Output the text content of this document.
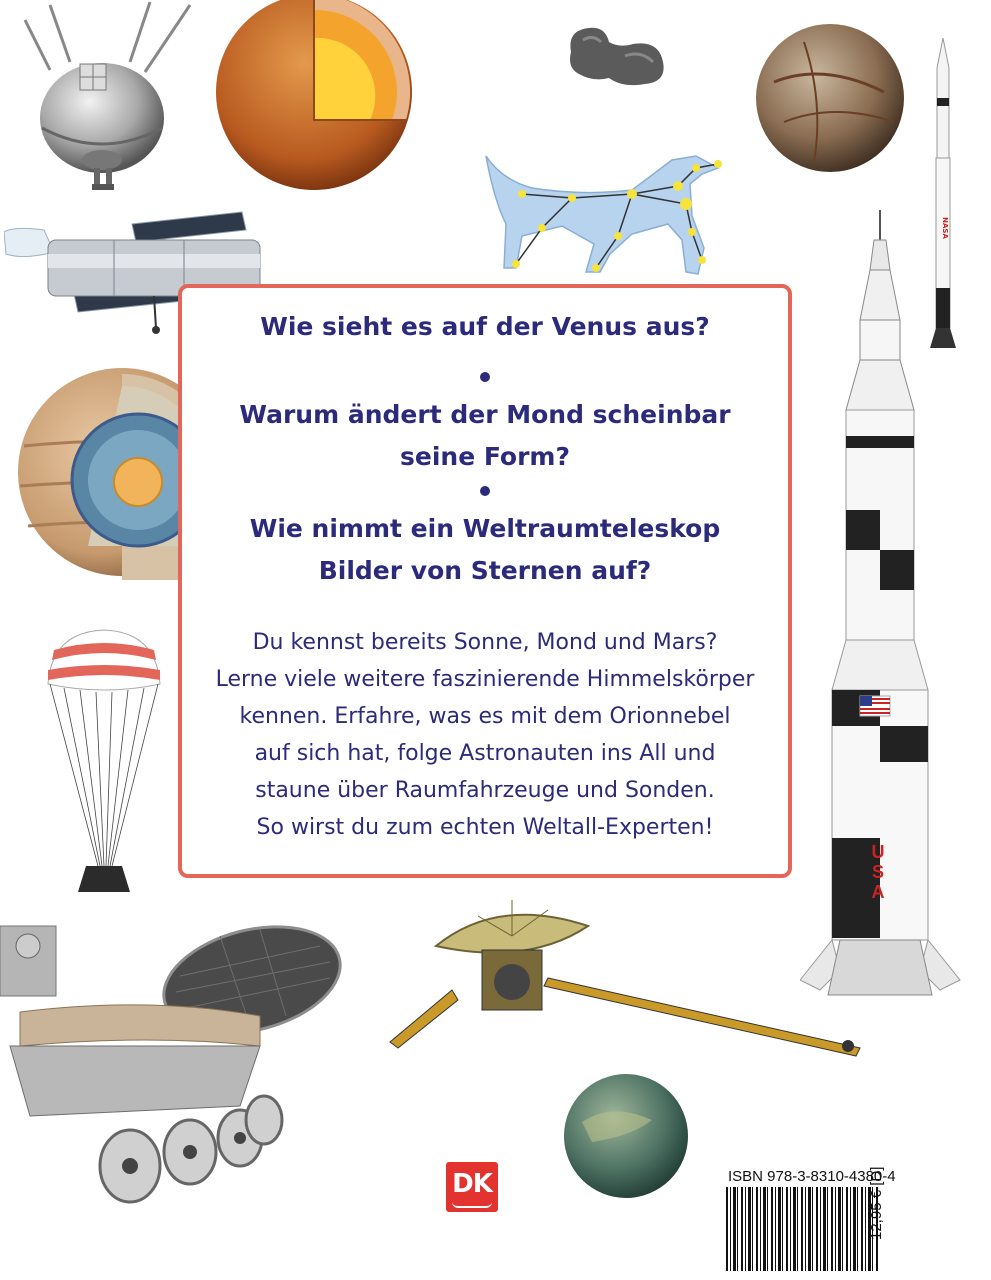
NASA
U
S
A
Wie sieht es auf der Venus aus?
Warum ändert der Mond scheinbar
seine Form?
Wie nimmt ein Weltraumteleskop
Bilder von Sternen auf?
Du kennst bereits Sonne, Mond und Mars?
Lerne viele weitere faszinierende Himmelskörper
kennen. Erfahre, was es mit dem Orionnebel
auf sich hat, folge Astronauten ins All und
staune über Raumfahrzeuge und Sonden.
So wirst du zum echten Weltall-Experten!
DK	ISBN 978-3-8310-4380-4
12,95 € [D]
